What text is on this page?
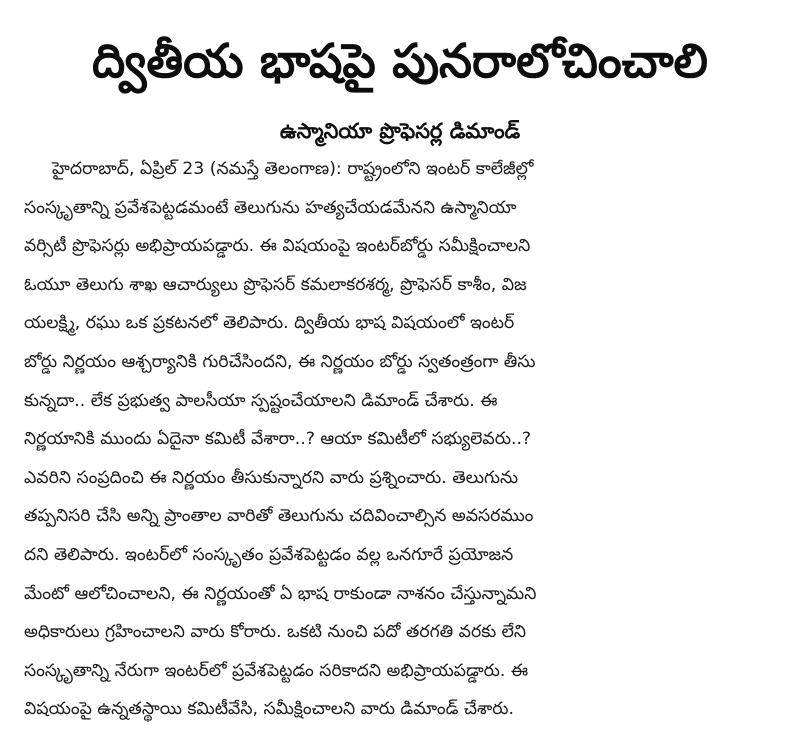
ద్వితీయ భాషపై పునరాలోచించాలి
ఉస్మానియా ప్రొఫెసర్ల డిమాండ్
హైదరాబాద్, ఏప్రిల్ 23 (నమస్తే తెలంగాణ): రాష్ట్రంలోని ఇంటర్ కాలేజీల్లో
సంస్కృతాన్ని ప్రవేశపెట్టడమంటే తెలుగును హత్యచేయడమేనని ఉస్మానియా
వర్సిటీ ప్రొఫెసర్లు అభిప్రాయపడ్డారు. ఈ విషయంపై ఇంటర్‌బోర్డు సమీక్షించాలని
ఓయూ తెలుగు శాఖ ఆచార్యులు ప్రొఫెసర్ కమలాకరశర్మ, ప్రొఫెసర్ కాశీం, విజ
యలక్ష్మి, రఘు ఒక ప్రకటనలో తెలిపారు. ద్వితీయ భాష విషయంలో ఇంటర్
బోర్డు నిర్ణయం ఆశ్చర్యానికి గురిచేసిందని, ఈ నిర్ణయం బోర్డు స్వతంత్రంగా తీసు
కున్నదా.. లేక ప్రభుత్వ పాలసీయా స్పష్టంచేయాలని డిమాండ్ చేశారు. ఈ
నిర్ణయానికి ముందు ఏదైనా కమిటీ వేశారా..? ఆయా కమిటీలో సభ్యులెవరు..?
ఎవరిని సంప్రదించి ఈ నిర్ణయం తీసుకున్నారని వారు ప్రశ్నించారు. తెలుగును
తప్పనిసరి చేసి అన్ని ప్రాంతాల వారితో తెలుగును చదివించాల్సిన అవసరముం
దని తెలిపారు. ఇంటర్‌లో సంస్కృతం ప్రవేశపెట్టడం వల్ల ఒనగూరే ప్రయోజన
మేంటో ఆలోచించాలని, ఈ నిర్ణయంతో ఏ భాష రాకుండా నాశనం చేస్తున్నామని
అధికారులు గ్రహించాలని వారు కోరారు. ఒకటి నుంచి పదో తరగతి వరకు లేని
సంస్కృతాన్ని నేరుగా ఇంటర్‌లో ప్రవేశపెట్టడం సరికాదని అభిప్రాయపడ్డారు. ఈ
విషయంపై ఉన్నతస్థాయి కమిటీవేసి, సమీక్షించాలని వారు డిమాండ్ చేశారు.
